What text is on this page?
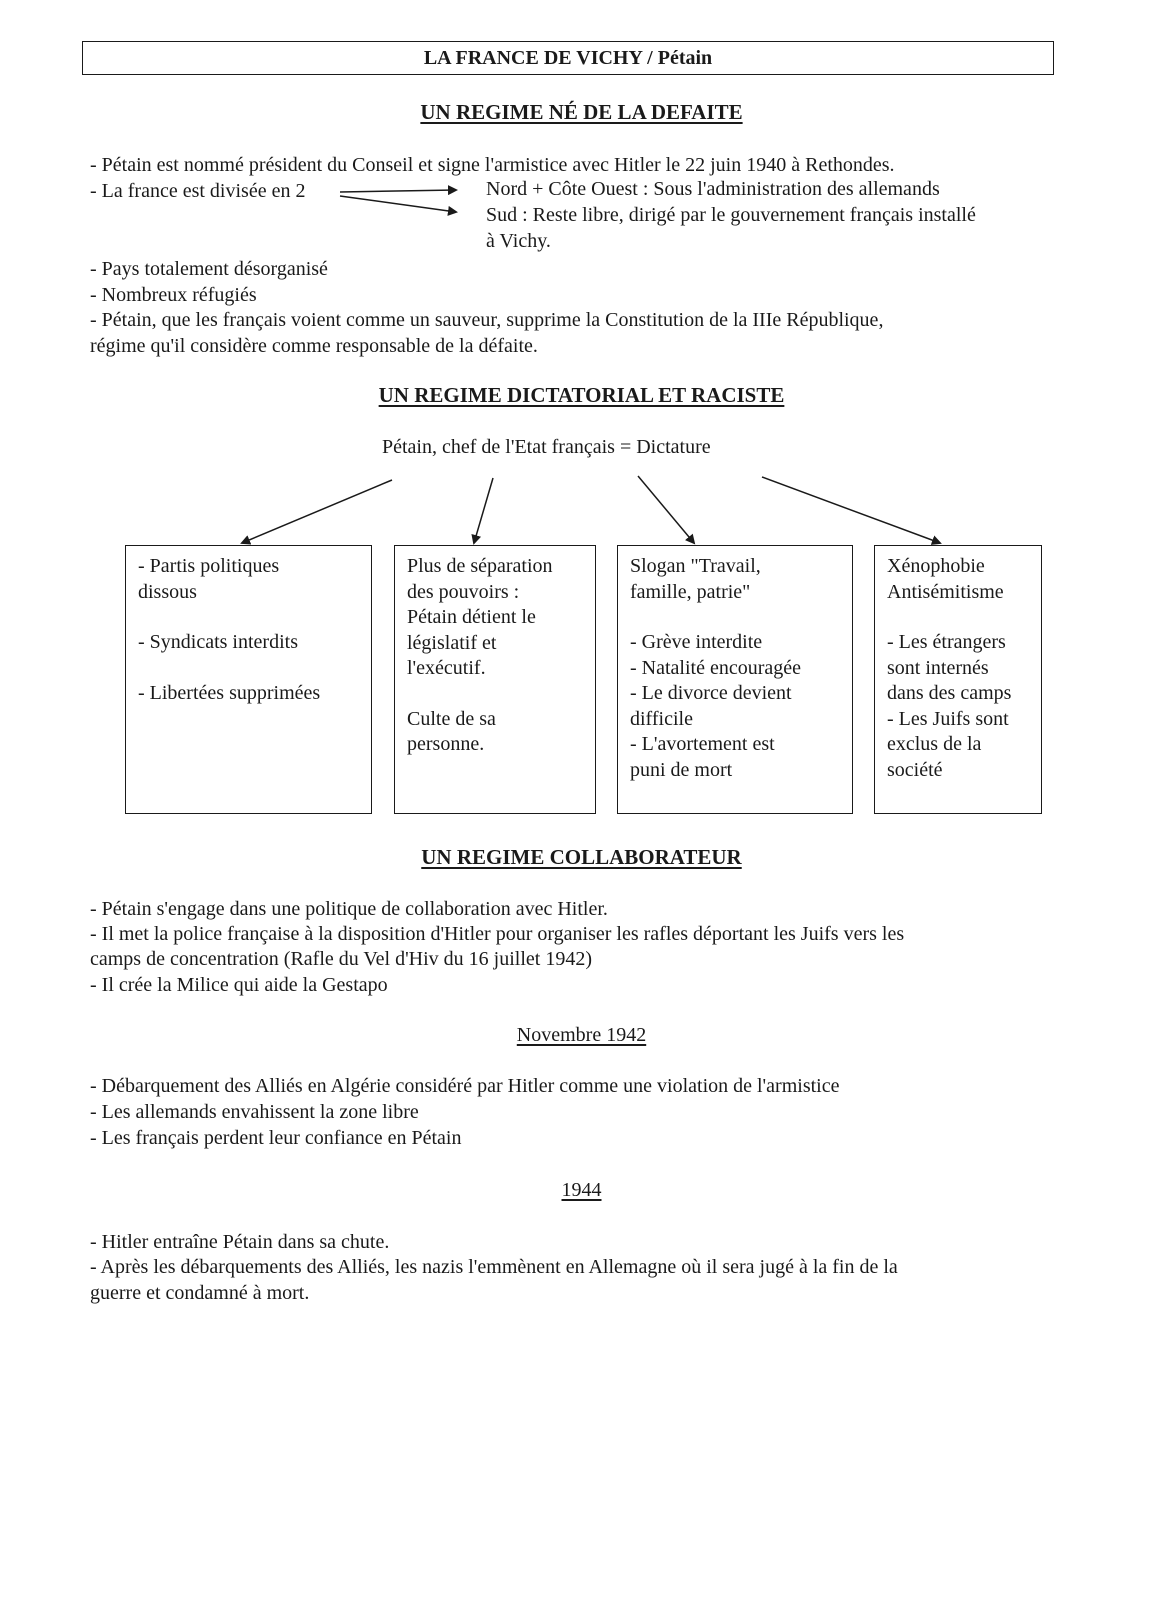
LA FRANCE DE VICHY / Pétain
UN REGIME NÉ DE LA DEFAITE
- Pétain est nommé président du Conseil et signe l'armistice avec Hitler le 22 juin 1940 à Rethondes.
- La france est divisée en 2	Nord + Côte Ouest : Sous l'administration des allemands
Sud : Reste libre, dirigé par le gouvernement français installé
à Vichy.
- Pays totalement désorganisé
- Nombreux réfugiés
- Pétain, que les français voient comme un sauveur, supprime la Constitution de la IIIe République,
régime qu'il considère comme responsable de la défaite.
UN REGIME DICTATORIAL ET RACISTE
Pétain, chef de l'Etat français = Dictature

- Partis politiques
dissous

- Syndicats interdits

- Libertées supprimées

Plus de séparation
des pouvoirs :
Pétain détient le
législatif et
l'exécutif.

Culte de sa
personne.

Slogan "Travail,
famille, patrie"

- Grève interdite
- Natalité encouragée
- Le divorce devient
difficile
- L'avortement est
puni de mort

Xénophobie
Antisémitisme

- Les étrangers
sont internés
dans des camps
- Les Juifs sont
exclus de la
société

UN REGIME COLLABORATEUR
- Pétain s'engage dans une politique de collaboration avec Hitler.
- Il met la police française à la disposition d'Hitler pour organiser les rafles déportant les Juifs vers les
camps de concentration (Rafle du Vel d'Hiv du 16 juillet 1942)
- Il crée la Milice qui aide la Gestapo
Novembre 1942
- Débarquement des Alliés en Algérie considéré par Hitler comme une violation de l'armistice
- Les allemands envahissent la zone libre
- Les français perdent leur confiance en Pétain
1944
- Hitler entraîne Pétain dans sa chute.
- Après les débarquements des Alliés, les nazis l'emmènent en Allemagne où il sera jugé à la fin de la
guerre et condamné à mort.
